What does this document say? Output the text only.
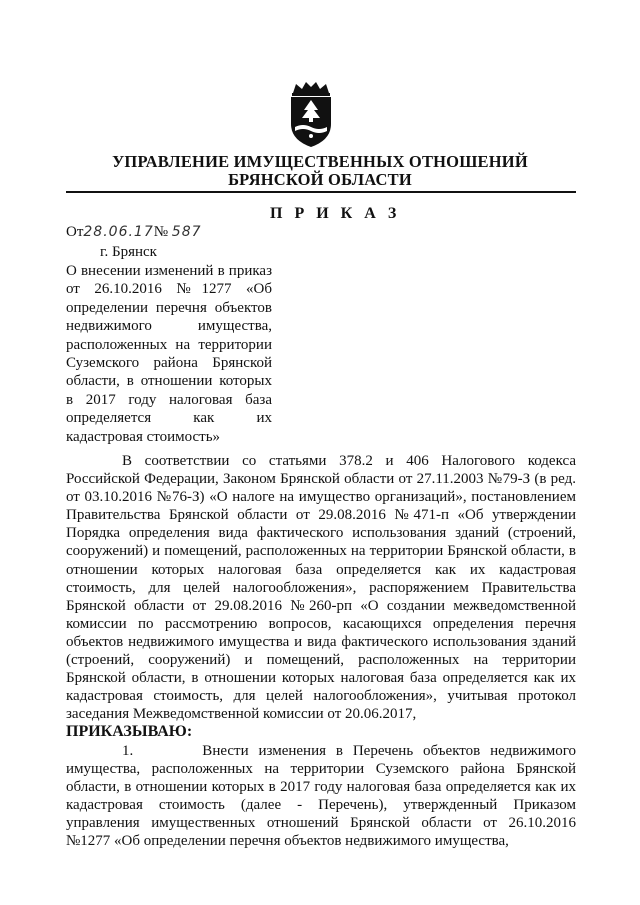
УПРАВЛЕНИЕ ИМУЩЕСТВЕННЫХ ОТНОШЕНИЙ
БРЯНСКОЙ ОБЛАСТИ
П Р И К А З
От28.06.17№ 587
г. Брянск
О внесении изменений в приказ от 26.10.2016 №1277 «Об определении перечня объектов недвижимого имущества, расположенных на территории Суземского района Брянской области, в отношении которых в 2017 году налоговая база определяется как их кадастровая стоимость»

В соответствии со статьями 378.2 и 406 Налогового кодекса Российской Федерации, Законом Брянской области от 27.11.2003 №79-З (в ред. от 03.10.2016 №76-З) «О налоге на имущество организаций», постановлением Правительства Брянской области от 29.08.2016 №471-п «Об утверждении Порядка определения вида фактического использования зданий (строений, сооружений) и помещений, расположенных на территории Брянской области, в отношении которых налоговая база определяется как их кадастровая стоимость, для целей налогообложения», распоряжением Правительства Брянской области от 29.08.2016 №260-рп «О создании межведомственной комиссии по рассмотрению вопросов, касающихся определения перечня объектов недвижимого имущества и вида фактического использования зданий (строений, сооружений) и помещений, расположенных на территории Брянской области, в отношении которых налоговая база определяется как их кадастровая стоимость, для целей налогообложения», учитывая протокол заседания Межведомственной комиссии от 20.06.2017,

ПРИКАЗЫВАЮ:

1.       Внести изменения в Перечень объектов недвижимого имущества, расположенных на территории Суземского района Брянской области, в отношении которых в 2017 году налоговая база определяется как их кадастровая стоимость (далее - Перечень), утвержденный Приказом управления имущественных отношений Брянской области от 26.10.2016 №1277 «Об определении перечня объектов недвижимого имущества,
